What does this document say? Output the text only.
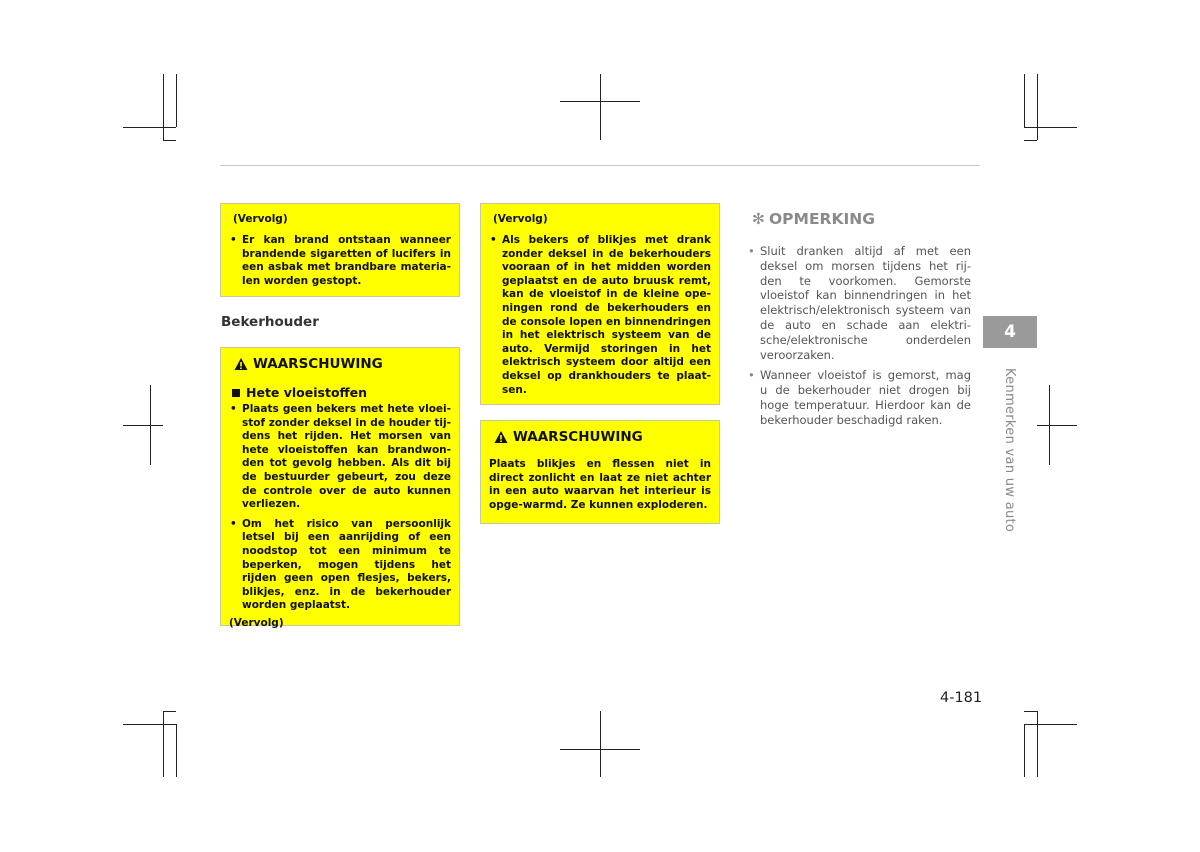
(Vervolg)
• Er kan brand ontstaan wanneer brandende sigaretten of lucifers in een asbak met brandbare materia-len worden gestopt.
Bekerhouder
WAARSCHUWING
Hete vloeistoffen
• Plaats geen bekers met hete vloei-stof zonder deksel in de houder tij-dens het rijden. Het morsen van hete vloeistoffen kan brandwon-den tot gevolg hebben. Als dit bij de bestuurder gebeurt, zou deze de controle over de auto kunnen verliezen.
• Om het risico van persoonlijk letsel bij een aanrijding of een noodstop tot een minimum te beperken, mogen tijdens het rijden geen open flesjes, bekers, blikjes, enz. in de bekerhouder worden geplaatst.
(Vervolg)
(Vervolg)
• Als bekers of blikjes met drank zonder deksel in de bekerhouders vooraan of in het midden worden geplaatst en de auto bruusk remt, kan de vloeistof in de kleine ope-ningen rond de bekerhouders en de console lopen en binnendringen in het elektrisch systeem van de auto. Vermijd storingen in het elektrisch systeem door altijd een deksel op drankhouders te plaat-sen.
WAARSCHUWING
Plaats blikjes en flessen niet in direct zonlicht en laat ze niet achter in een auto waarvan het interieur is opge-warmd. Ze kunnen exploderen.
✻ OPMERKING
• Sluit dranken altijd af met een deksel om morsen tijdens het rij-den te voorkomen. Gemorste vloeistof kan binnendringen in het elektrisch/elektronisch systeem van de auto en schade aan elektri-sche/elektronische onderdelen veroorzaken.
• Wanneer vloeistof is gemorst, mag u de bekerhouder niet drogen bij hoge temperatuur. Hierdoor kan de bekerhouder beschadigd raken.
4
Kenmerken van uw auto
4-181
